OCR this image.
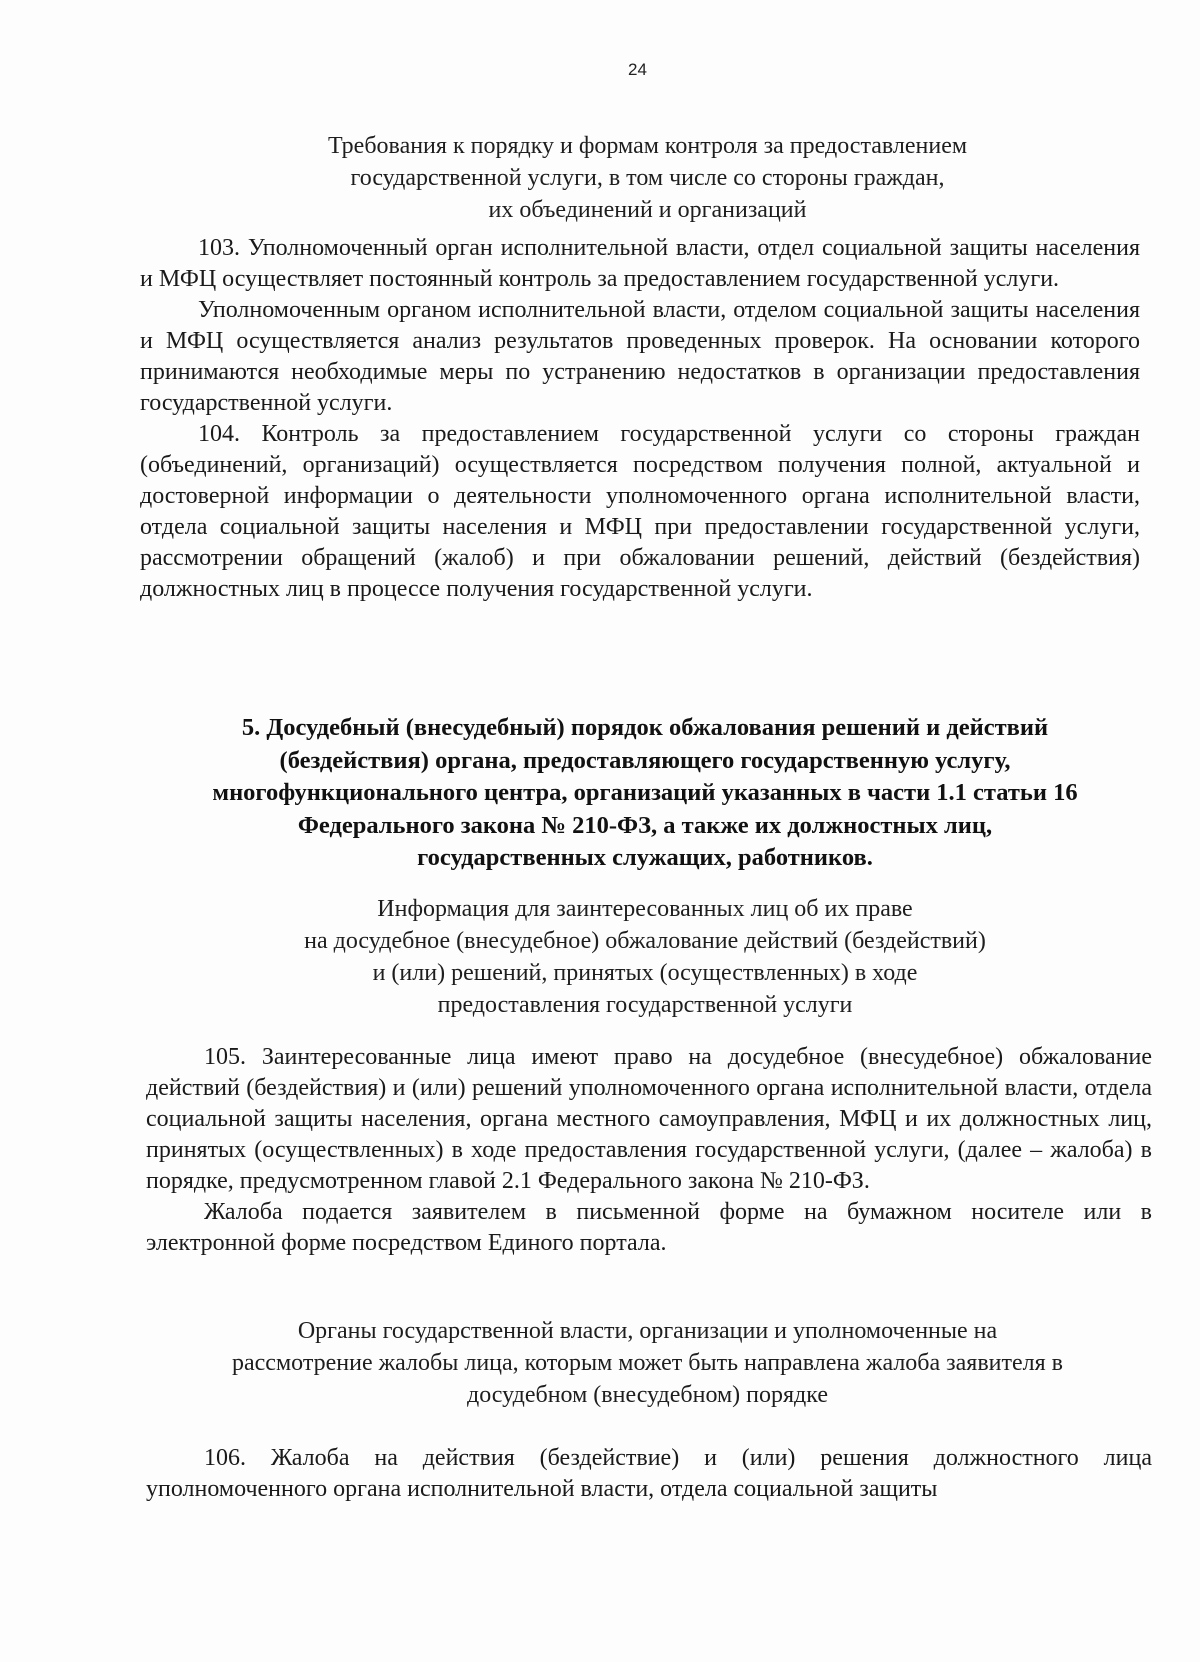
24
Требования к порядку и формам контроля за предоставлением
государственной услуги, в том числе со стороны граждан,
их объединений и организаций

103. Уполномоченный орган исполнительной власти, отдел социальной защиты населения и МФЦ осуществляет постоянный контроль за предоставлением государственной услуги.

Уполномоченным органом исполнительной власти, отделом социальной защиты населения и МФЦ осуществляется анализ результатов проведенных проверок. На основании которого принимаются необходимые меры по устранению недостатков в организации предоставления государственной услуги.

104. Контроль за предоставлением государственной услуги со стороны граждан (объединений, организаций) осуществляется посредством получения полной, актуальной и достоверной информации о деятельности уполномоченного органа исполнительной власти, отдела социальной защиты населения и МФЦ при предоставлении государственной услуги, рассмотрении обращений (жалоб) и при обжаловании решений, действий (бездействия) должностных лиц в процессе получения государственной услуги.

5. Досудебный (внесудебный) порядок обжалования решений и действий
(бездействия) органа, предоставляющего государственную услугу,
многофункционального центра, организаций указанных в части 1.1 статьи 16
Федерального закона № 210-ФЗ, а также их должностных лиц,
государственных служащих, работников.
Информация для заинтересованных лиц об их праве
на досудебное (внесудебное) обжалование действий (бездействий)
и (или) решений, принятых (осуществленных) в ходе
предоставления государственной услуги

105. Заинтересованные лица имеют право на досудебное (внесудебное) обжалование действий (бездействия) и (или) решений уполномоченного органа исполнительной власти, отдела социальной защиты населения, органа местного самоуправления, МФЦ и их должностных лиц, принятых (осуществленных) в ходе предоставления государственной услуги, (далее – жалоба) в порядке, предусмотренном главой 2.1 Федерального закона № 210-ФЗ.

Жалоба подается заявителем в письменной форме на бумажном носителе или в электронной форме посредством Единого портала.

Органы государственной власти, организации и уполномоченные на
рассмотрение жалобы лица, которым может быть направлена жалоба заявителя в
досудебном (внесудебном) порядке

106. Жалоба на действия (бездействие) и (или) решения должностного лица уполномоченного органа исполнительной власти, отдела социальной защиты
